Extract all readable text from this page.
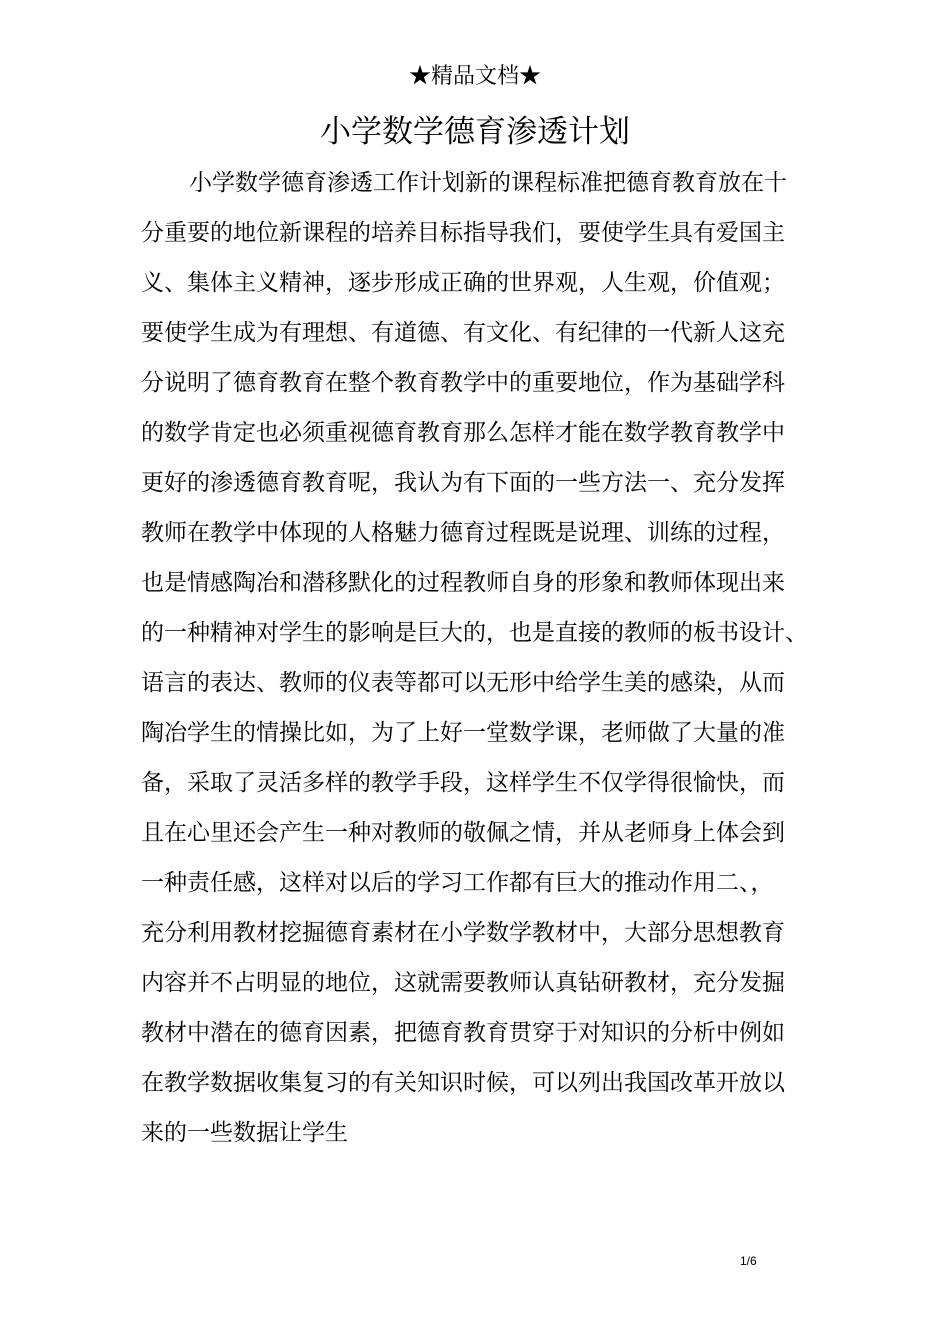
★精品文档★
小学数学德育渗透计划
小学数学德育渗透工作计划新的课程标准把德育教育放在十
分重要的地位新课程的培养目标指导我们，要使学生具有爱国主
义、集体主义精神，逐步形成正确的世界观，人生观，价值观；
要使学生成为有理想、有道德、有文化、有纪律的一代新人这充
分说明了德育教育在整个教育教学中的重要地位，作为基础学科
的数学肯定也必须重视德育教育那么怎样才能在数学教育教学中
更好的渗透德育教育呢，我认为有下面的一些方法一、充分发挥
教师在教学中体现的人格魅力德育过程既是说理、训练的过程，
也是情感陶冶和潜移默化的过程教师自身的形象和教师体现出来
的一种精神对学生的影响是巨大的，也是直接的教师的板书设计、
语言的表达、教师的仪表等都可以无形中给学生美的感染，从而
陶冶学生的情操比如，为了上好一堂数学课，老师做了大量的准
备，采取了灵活多样的教学手段，这样学生不仅学得很愉快，而
且在心里还会产生一种对教师的敬佩之情，并从老师身上体会到
一种责任感，这样对以后的学习工作都有巨大的推动作用二、，
充分利用教材挖掘德育素材在小学数学教材中，大部分思想教育
内容并不占明显的地位，这就需要教师认真钻研教材，充分发掘
教材中潜在的德育因素，把德育教育贯穿于对知识的分析中例如
在教学数据收集复习的有关知识时候，可以列出我国改革开放以
来的一些数据让学生
1/6
